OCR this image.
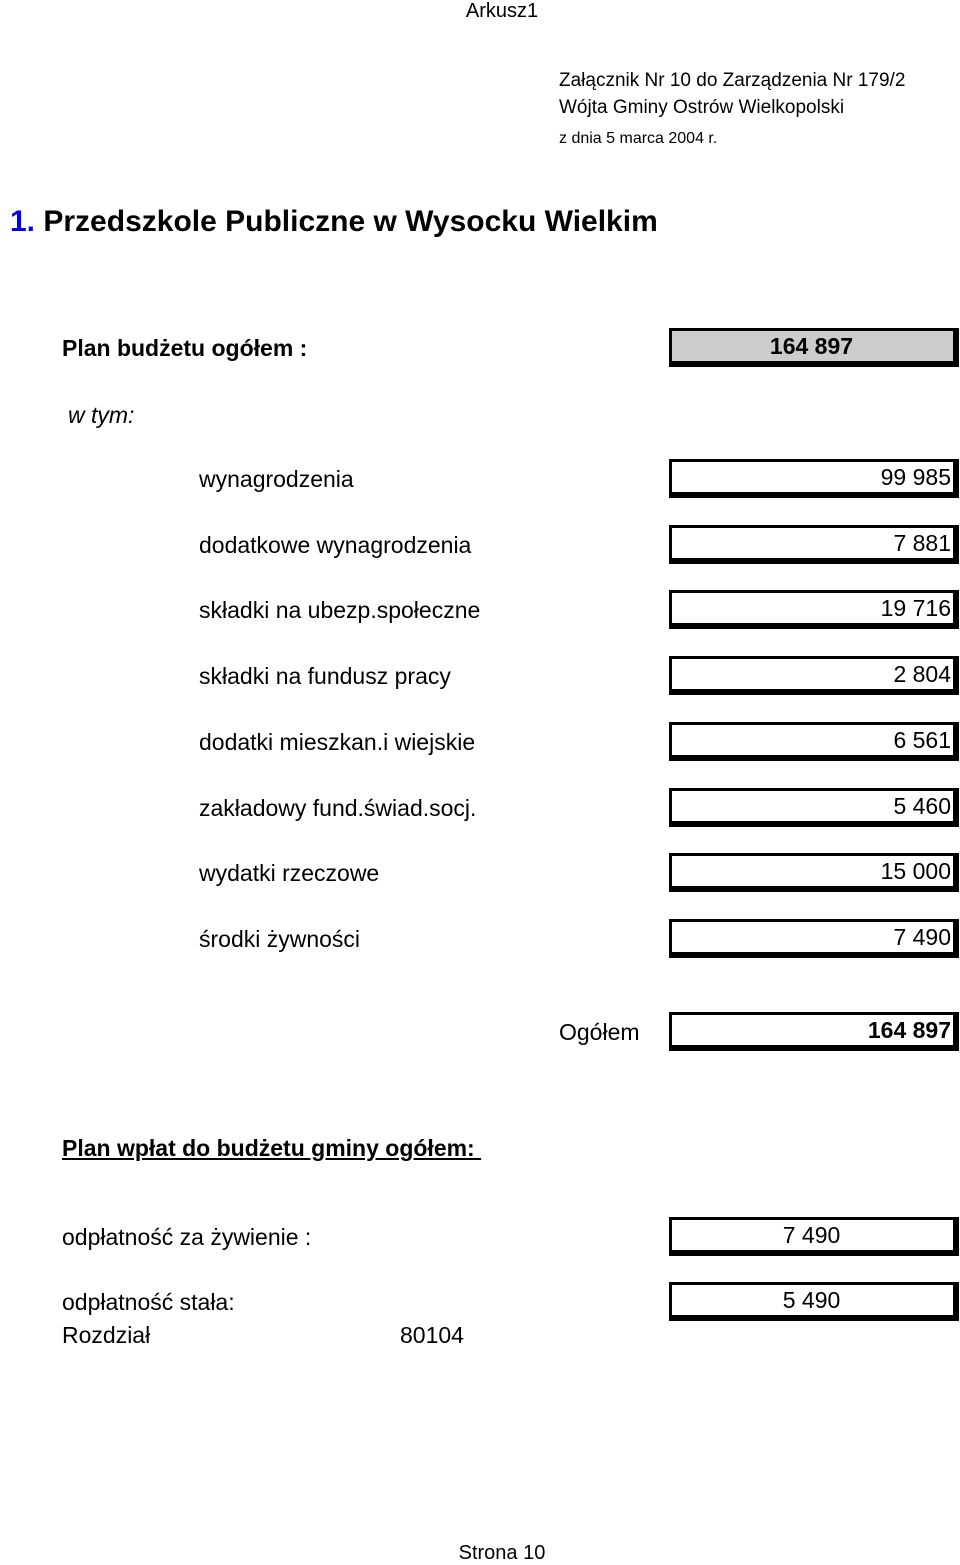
Arkusz1
Załącznik Nr 10 do Zarządzenia Nr 179/2
Wójta Gminy Ostrów Wielkopolski
z dnia 5 marca 2004 r.
1. Przedszkole Publiczne w Wysocku Wielkim
Plan budżetu ogółem :	164 897
w tym:
wynagrodzenia	99 985
dodatkowe wynagrodzenia	7 881
składki na ubezp.społeczne	19 716
składki na fundusz pracy	2 804
dodatki mieszkan.i wiejskie	6 561
zakładowy fund.świad.socj.	5 460
wydatki rzeczowe	15 000
środki żywności	7 490
Ogółem	164 897
Plan wpłat do budżetu gminy ogółem:
odpłatność za żywienie :	7 490
odpłatność stała:	5 490
Rozdział	80104
Strona 10
